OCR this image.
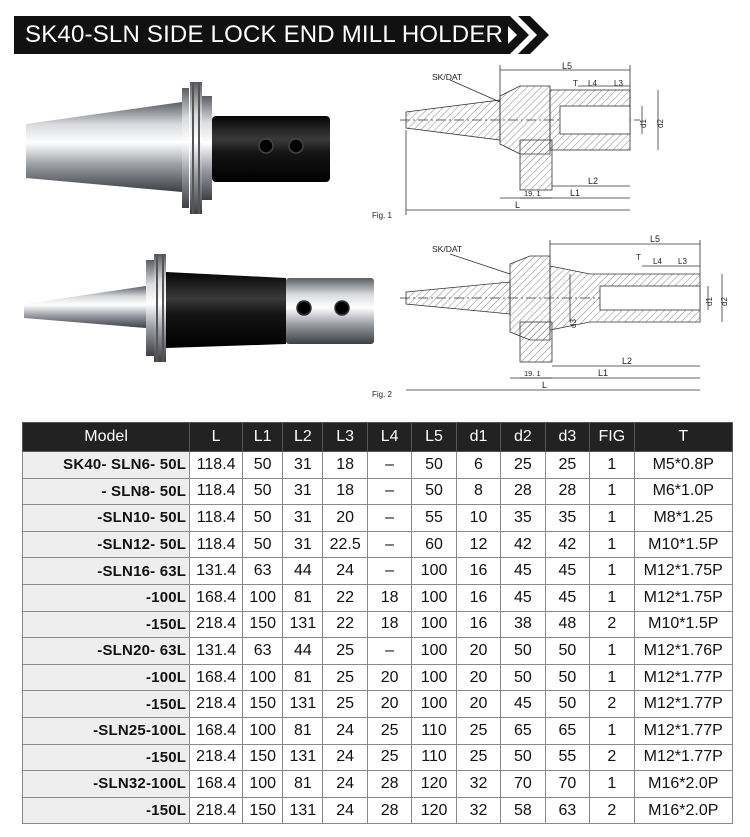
SK40-SLN SIDE LOCK END MILL HOLDER
SK/DAT
L5
T L4 L3
d1 d2
L2
19. 1	L1
L
Fig. 1
SK/DAT
L5
T L4 L3
d1 d2
d3
L2
19. 1	L1
L
Fig. 2
Model	L	L1	L2	L3	L4	L5	d1	d2	d3	FIG	T
SK40- SLN6- 50L	118.4	50	31	18	–	50	6	25	25	1	M5*0.8P
- SLN8- 50L	118.4	50	31	18	–	50	8	28	28	1	M6*1.0P
-SLN10- 50L	118.4	50	31	20	–	55	10	35	35	1	M8*1.25
-SLN12- 50L	118.4	50	31	22.5	–	60	12	42	42	1	M10*1.5P
-SLN16- 63L	131.4	63	44	24	–	100	16	45	45	1	M12*1.75P
-100L	168.4	100	81	22	18	100	16	45	45	1	M12*1.75P
-150L	218.4	150	131	22	18	100	16	38	48	2	M10*1.5P
-SLN20- 63L	131.4	63	44	25	–	100	20	50	50	1	M12*1.76P
-100L	168.4	100	81	25	20	100	20	50	50	1	M12*1.77P
-150L	218.4	150	131	25	20	100	20	45	50	2	M12*1.77P
-SLN25-100L	168.4	100	81	24	25	110	25	65	65	1	M12*1.77P
-150L	218.4	150	131	24	25	110	25	50	55	2	M12*1.77P
-SLN32-100L	168.4	100	81	24	28	120	32	70	70	1	M16*2.0P
-150L	218.4	150	131	24	28	120	32	58	63	2	M16*2.0P
